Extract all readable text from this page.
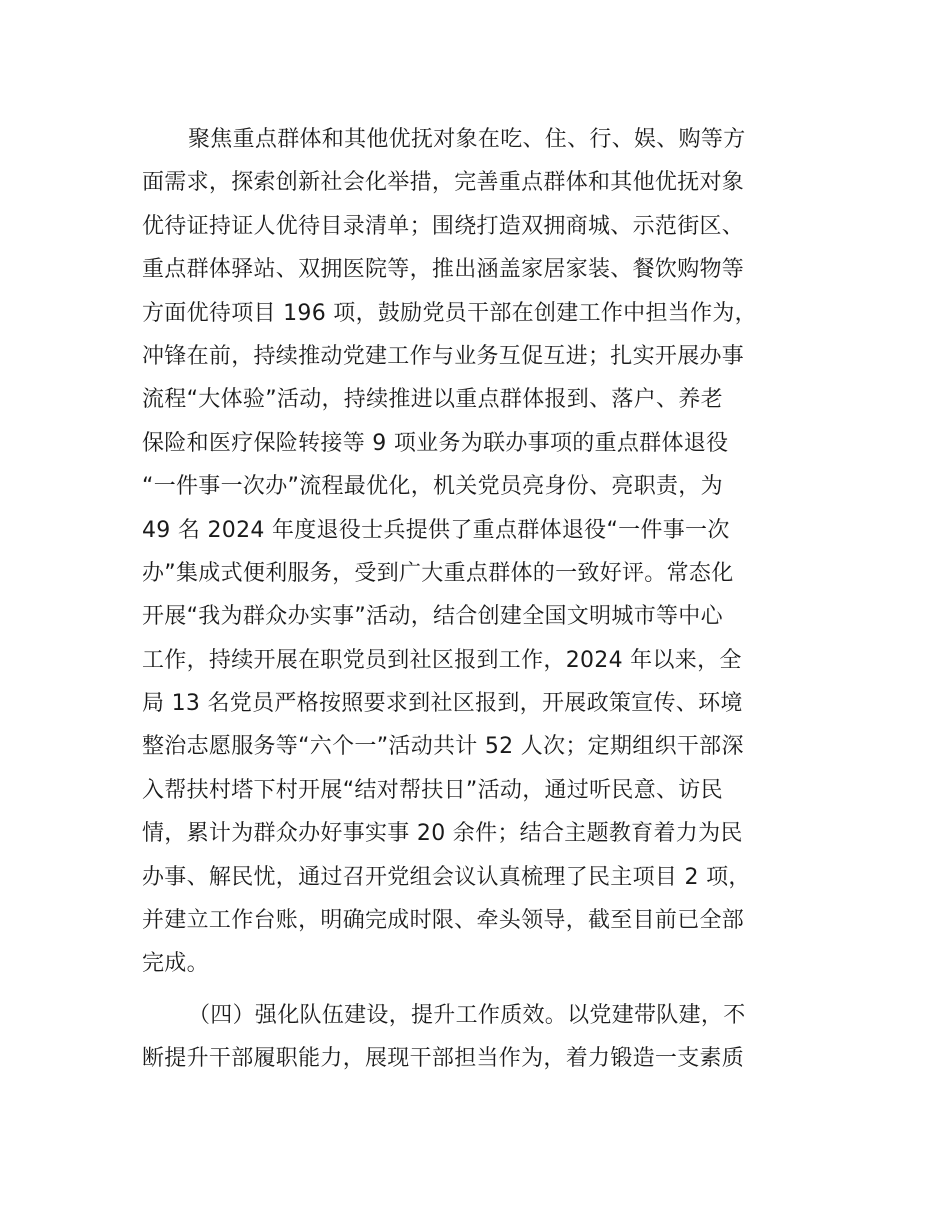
聚焦重点群体和其他优抚对象在吃、住、行、娱、购等方
面需求，探索创新社会化举措，完善重点群体和其他优抚对象
优待证持证人优待目录清单；围绕打造双拥商城、示范街区、
重点群体驿站、双拥医院等，推出涵盖家居家装、餐饮购物等
方面优待项目 196 项，鼓励党员干部在创建工作中担当作为，
冲锋在前，持续推动党建工作与业务互促互进；扎实开展办事
流程“大体验”活动，持续推进以重点群体报到、落户、养老
保险和医疗保险转接等 9 项业务为联办事项的重点群体退役
“一件事一次办”流程最优化，机关党员亮身份、亮职责，为
49 名 2024 年度退役士兵提供了重点群体退役“一件事一次
办”集成式便利服务，受到广大重点群体的一致好评。常态化
开展“我为群众办实事”活动，结合创建全国文明城市等中心
工作，持续开展在职党员到社区报到工作，2024 年以来，全
局 13 名党员严格按照要求到社区报到，开展政策宣传、环境
整治志愿服务等“六个一”活动共计 52 人次；定期组织干部深
入帮扶村塔下村开展“结对帮扶日”活动，通过听民意、访民
情，累计为群众办好事实事 20 余件；结合主题教育着力为民
办事、解民忧，通过召开党组会议认真梳理了民主项目 2 项，
并建立工作台账，明确完成时限、牵头领导，截至目前已全部
完成。
（四）强化队伍建设，提升工作质效。以党建带队建，不
断提升干部履职能力，展现干部担当作为，着力锻造一支素质
